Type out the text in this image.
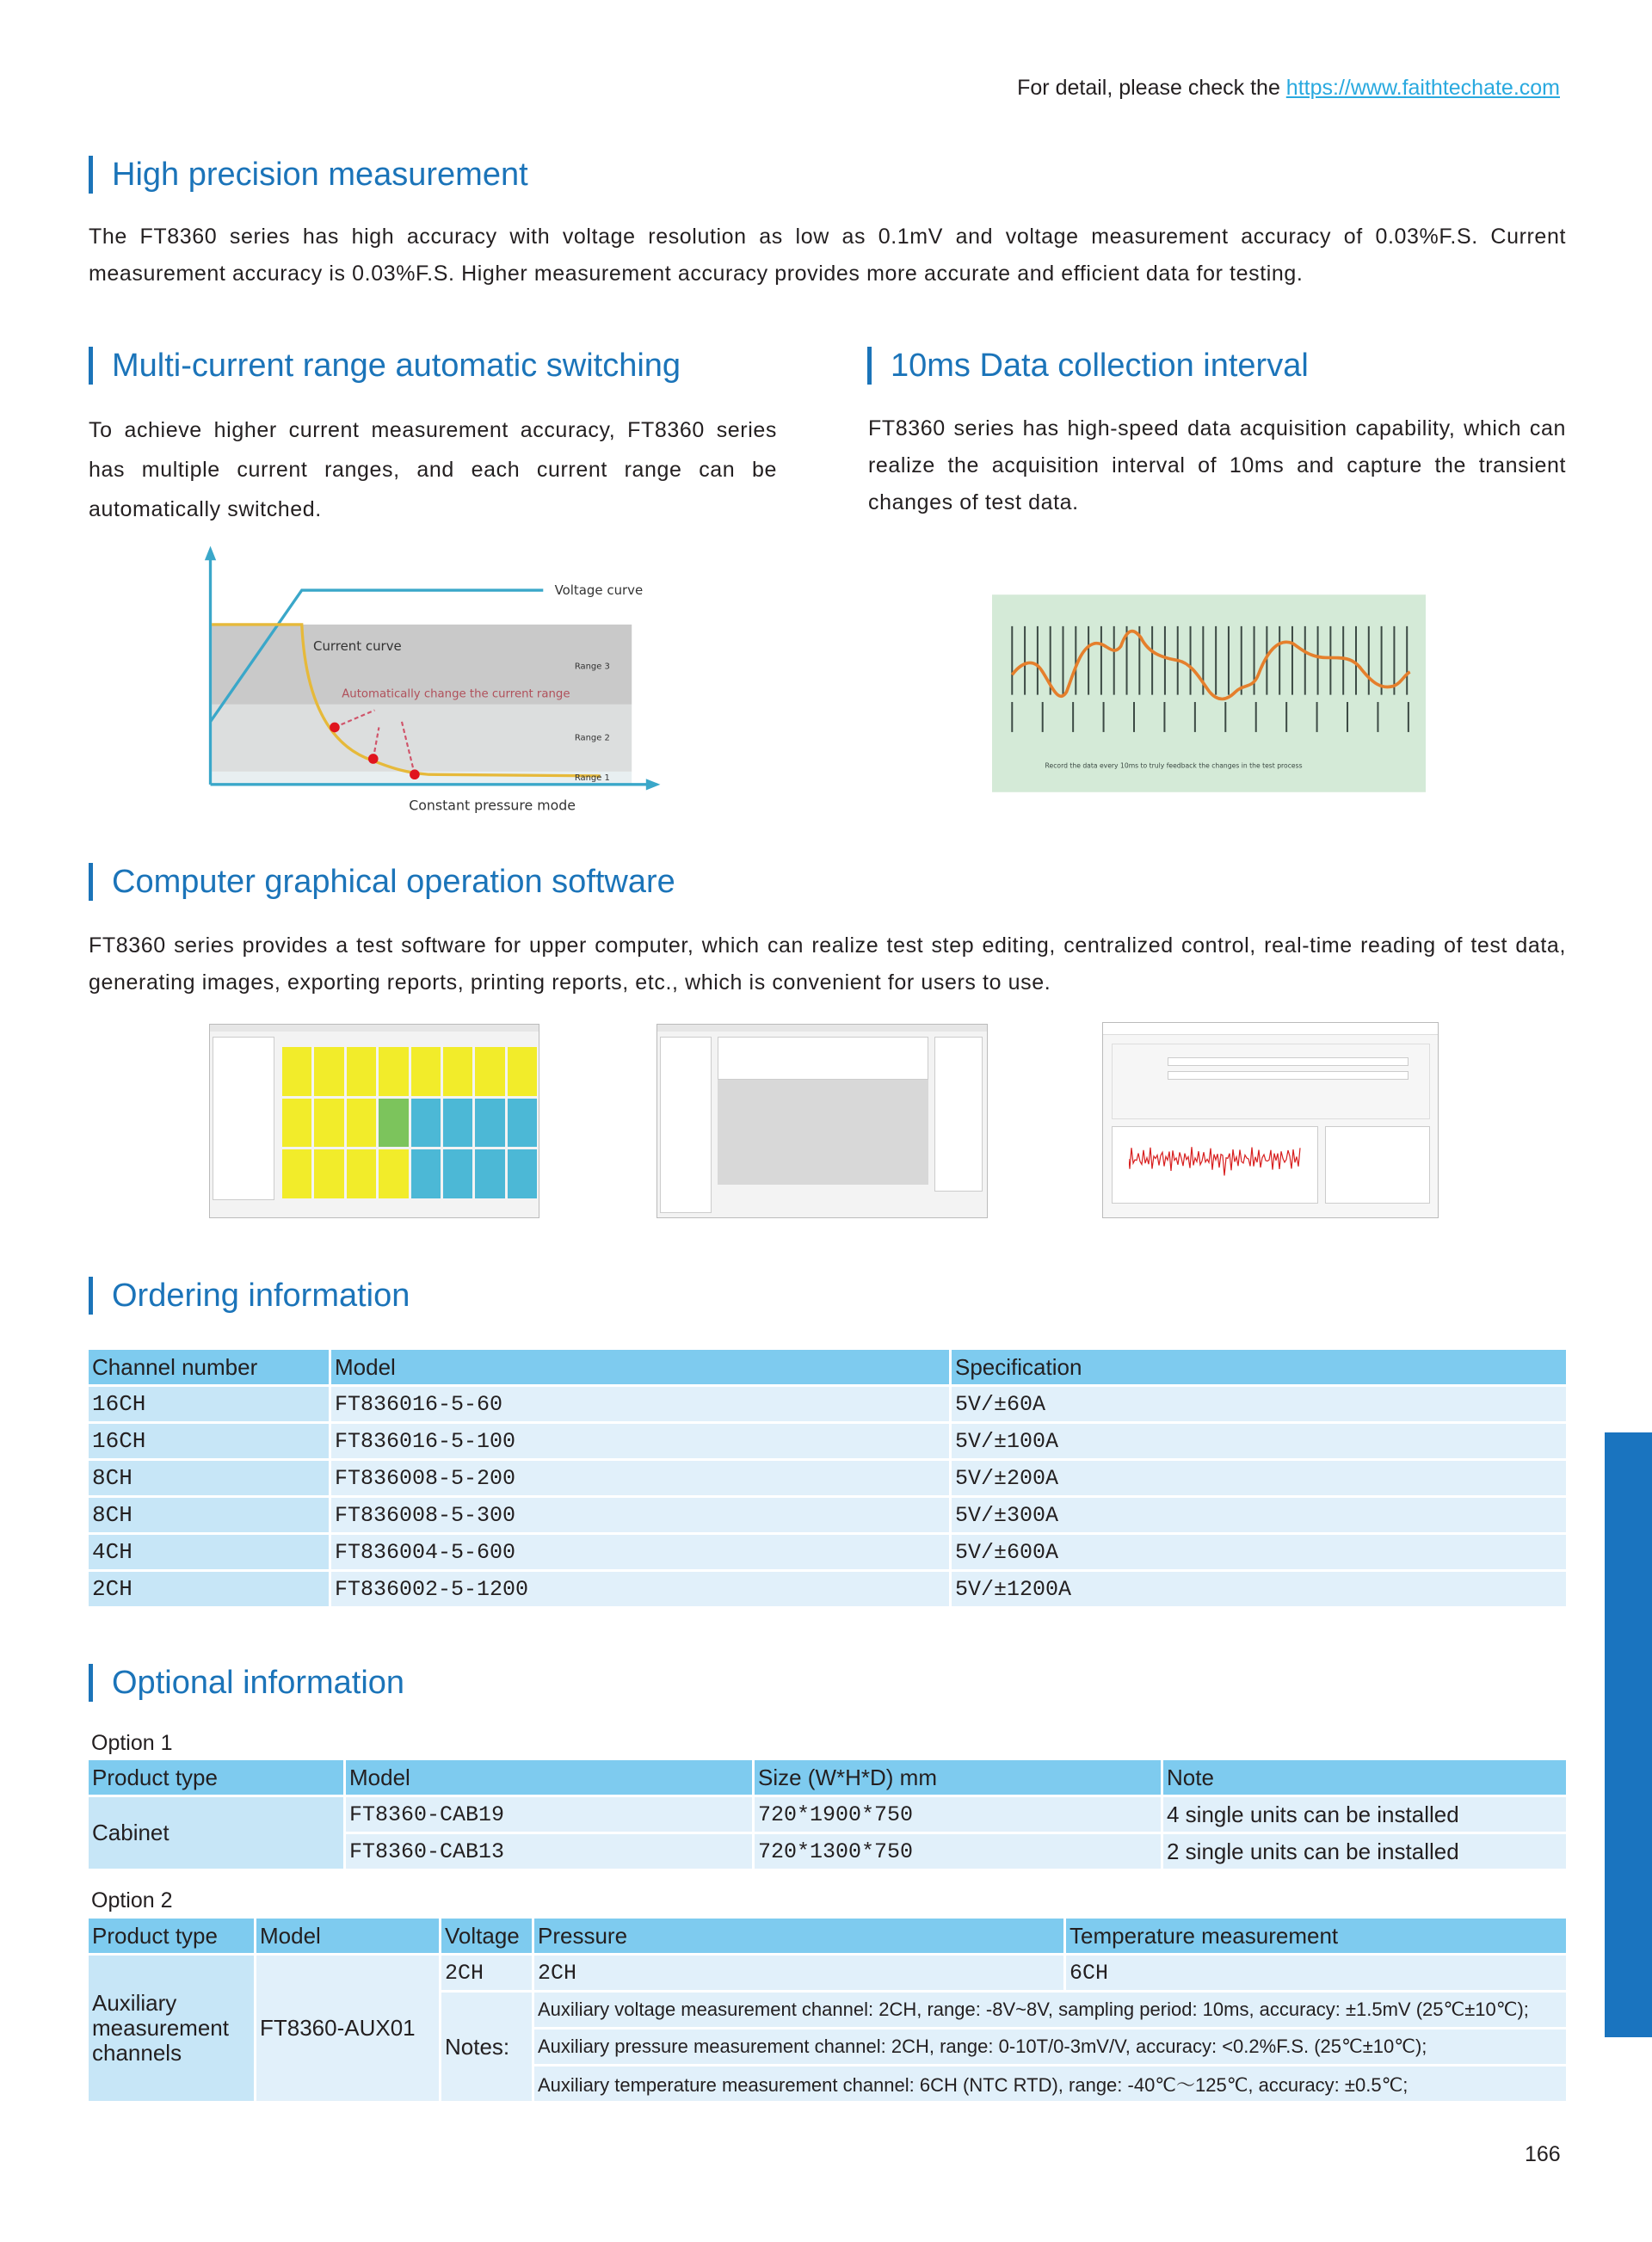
For detail, please check the https://www.faithtechate.com
High precision measurement
The FT8360 series has high accuracy with voltage resolution as low as 0.1mV and voltage measurement accuracy of 0.03%F.S. Current measurement accuracy is 0.03%F.S. Higher measurement accuracy provides more accurate and efficient data for testing.
Multi-current range automatic switching
To achieve higher current measurement accuracy, FT8360 series has multiple current ranges, and each current range can be automatically switched.
10ms Data collection interval
FT8360 series has high-speed data acquisition capability, which can realize the acquisition interval of 10ms and capture the transient changes of test data.
Voltage curve
Current curve
Automatically change the current range
Range 3
Range 2
Range 1
Constant pressure mode
Record the data every 10ms to truly feedback the changes in the test process
Computer graphical operation software
FT8360 series provides a test software for upper computer, which can realize test step editing, centralized control, real-time reading of test data, generating images, exporting reports, printing reports, etc., which is convenient for users to use.
Ordering information
Channel number	Model	Specification
16CH	FT836016-5-60	5V/±60A
16CH	FT836016-5-100	5V/±100A
8CH	FT836008-5-200	5V/±200A
8CH	FT836008-5-300	5V/±300A
4CH	FT836004-5-600	5V/±600A
2CH	FT836002-5-1200	5V/±1200A
Optional information
Option 1
Product type	Model	Size (W*H*D) mm	Note
Cabinet	FT8360-CAB19	720*1900*750	4 single units can be installed
	FT8360-CAB13	720*1300*750	2 single units can be installed
Option 2
Product type	Model	Voltage	Pressure	Temperature measurement
Auxiliary measurement channels	FT8360-AUX01	2CH	2CH	6CH
		Notes:	Auxiliary voltage measurement channel: 2CH, range: -8V~8V, sampling period: 10ms, accuracy: ±1.5mV (25℃±10℃);	
			Auxiliary pressure measurement channel: 2CH, range: 0-10T/0-3mV/V, accuracy: <0.2%F.S. (25℃±10℃);	
			Auxiliary temperature measurement channel: 6CH (NTC RTD), range: -40℃～125℃, accuracy: ±0.5℃;	
166
